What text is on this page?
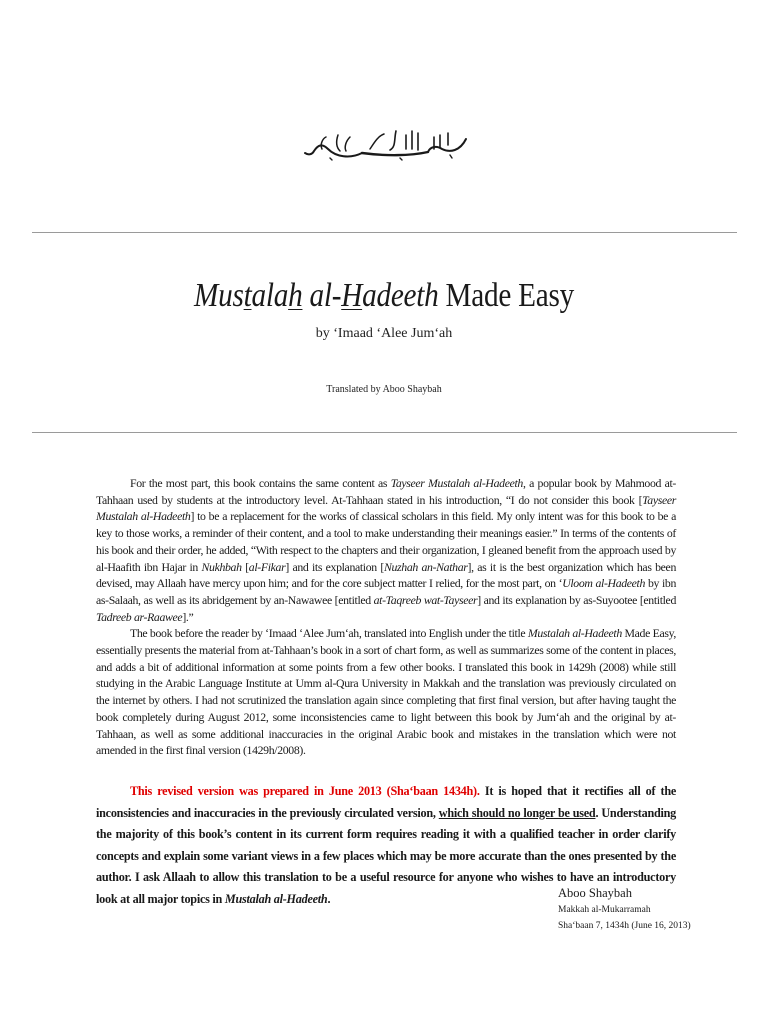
Mustalah al-Hadeeth Made Easy
by ‘Imaad ‘Alee Jum‘ah
Translated by Aboo Shaybah

For the most part, this book contains the same content as Tayseer Mustalah al-Hadeeth, a popular book by Mahmood at-Tahhaan used by students at the introductory level. At-Tahhaan stated in his introduction, “I do not consider this book [Tayseer Mustalah al-Hadeeth] to be a replacement for the works of classical scholars in this field. My only intent was for this book to be a key to those works, a reminder of their content, and a tool to make understanding their meanings easier.” In terms of the contents of his book and their order, he added, “With respect to the chapters and their organization, I gleaned benefit from the approach used by al-Haafith ibn Hajar in Nukhbah [al-Fikar] and its explanation [Nuzhah an-Nathar], as it is the best organization which has been devised, may Allaah have mercy upon him; and for the core subject matter I relied, for the most part, on ‘Uloom al-Hadeeth by ibn as-Salaah, as well as its abridgement by an-Nawawee [entitled at-Taqreeb wat-Tayseer] and its explanation by as-Suyootee [entitled Tadreeb ar-Raawee].”

The book before the reader by ‘Imaad ‘Alee Jum‘ah, translated into English under the title Mustalah al-Hadeeth Made Easy, essentially presents the material from at-Tahhaan’s book in a sort of chart form, as well as summarizes some of the content in places, and adds a bit of additional information at some points from a few other books. I translated this book in 1429h (2008) while still studying in the Arabic Language Institute at Umm al-Qura University in Makkah and the translation was previously circulated on the internet by others. I had not scrutinized the translation again since completing that first final version, but after having taught the book completely during August 2012, some inconsistencies came to light between this book by Jum‘ah and the original by at-Tahhaan, as well as some additional inaccuracies in the original Arabic book and mistakes in the translation which were not amended in the first final version (1429h/2008).

This revised version was prepared in June 2013 (Sha‘baan 1434h). It is hoped that it rectifies all of the inconsistencies and inaccuracies in the previously circulated version, which should no longer be used. Understanding the majority of this book’s content in its current form requires reading it with a qualified teacher in order clarify concepts and explain some variant views in a few places which may be more accurate than the ones presented by the author. I ask Allaah to allow this translation to be a useful resource for anyone who wishes to have an introductory look at all major topics in Mustalah al-Hadeeth.	Aboo Shaybah
Makkah al-Mukarramah
Sha‘baan 7, 1434h (June 16, 2013)
